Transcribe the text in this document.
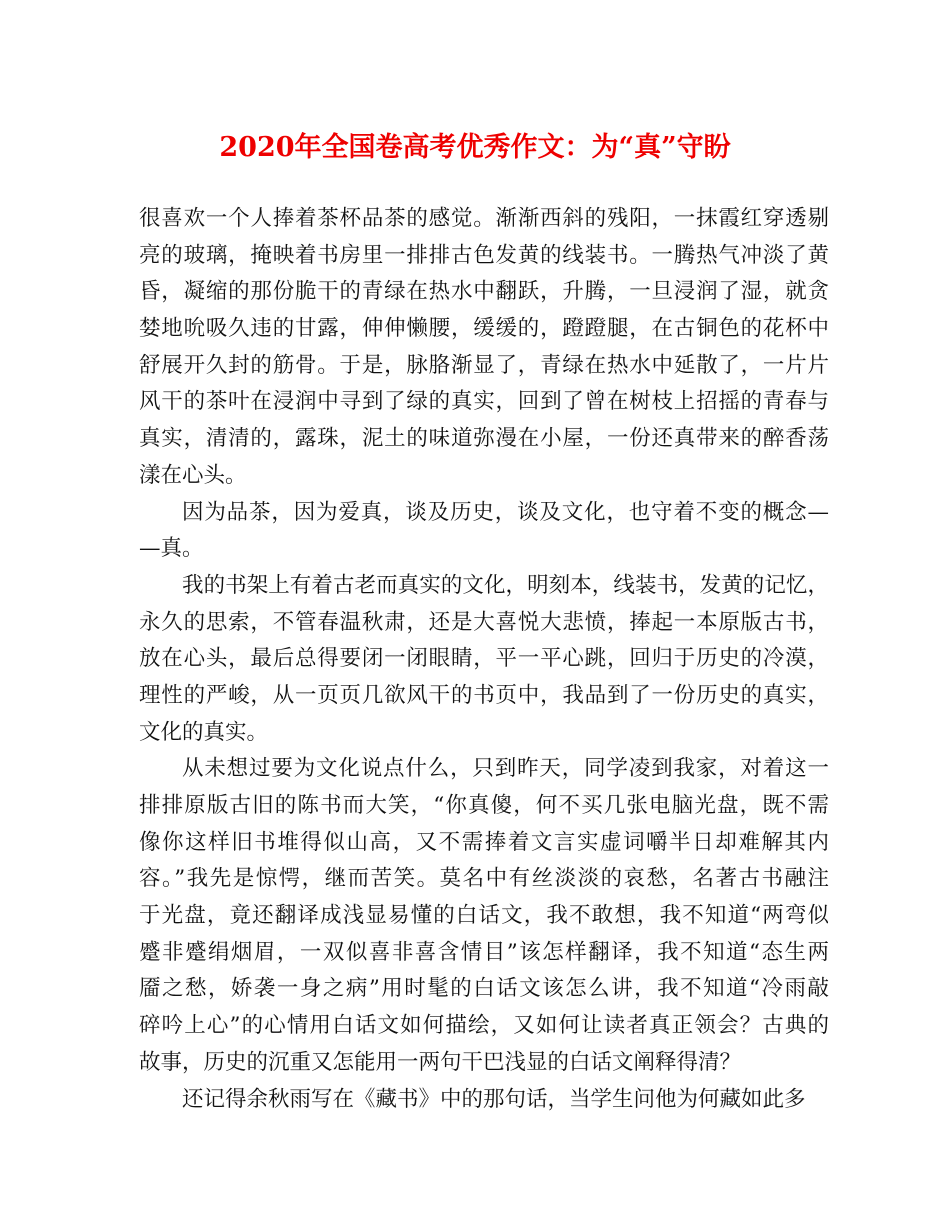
2020年全国卷高考优秀作文：为“真”守盼
很喜欢一个人捧着茶杯品茶的感觉。渐渐西斜的残阳，一抹霞红穿透剔
亮的玻璃，掩映着书房里一排排古色发黄的线装书。一腾热气冲淡了黄
昏，凝缩的那份脆干的青绿在热水中翻跃，升腾，一旦浸润了湿，就贪
婪地吮吸久违的甘露，伸伸懒腰，缓缓的，蹬蹬腿，在古铜色的花杯中
舒展开久封的筋骨。于是，脉胳渐显了，青绿在热水中延散了，一片片
风干的茶叶在浸润中寻到了绿的真实，回到了曾在树枝上招摇的青春与
真实，清清的，露珠，泥土的味道弥漫在小屋，一份还真带来的醉香荡
漾在心头。
因为品茶，因为爱真，谈及历史，谈及文化，也守着不变的概念—
—真。
我的书架上有着古老而真实的文化，明刻本，线装书，发黄的记忆，
永久的思索，不管春温秋肃，还是大喜悦大悲愤，捧起一本原版古书，
放在心头，最后总得要闭一闭眼睛，平一平心跳，回归于历史的冷漠，
理性的严峻，从一页页几欲风干的书页中，我品到了一份历史的真实，
文化的真实。
从未想过要为文化说点什么，只到昨天，同学凌到我家，对着这一
排排原版古旧的陈书而大笑，“你真傻，何不买几张电脑光盘，既不需
像你这样旧书堆得似山高，又不需捧着文言实虚词嚼半日却难解其内
容。”我先是惊愕，继而苦笑。莫名中有丝淡淡的哀愁，名著古书融注
于光盘，竟还翻译成浅显易懂的白话文，我不敢想，我不知道“两弯似
蹙非蹙绢烟眉，一双似喜非喜含情目”该怎样翻译，我不知道“态生两
靥之愁，娇袭一身之病”用时髦的白话文该怎么讲，我不知道“冷雨敲
碎吟上心”的心情用白话文如何描绘，又如何让读者真正领会？古典的
故事，历史的沉重又怎能用一两句干巴浅显的白话文阐释得清？
还记得余秋雨写在《藏书》中的那句话，当学生问他为何藏如此多
